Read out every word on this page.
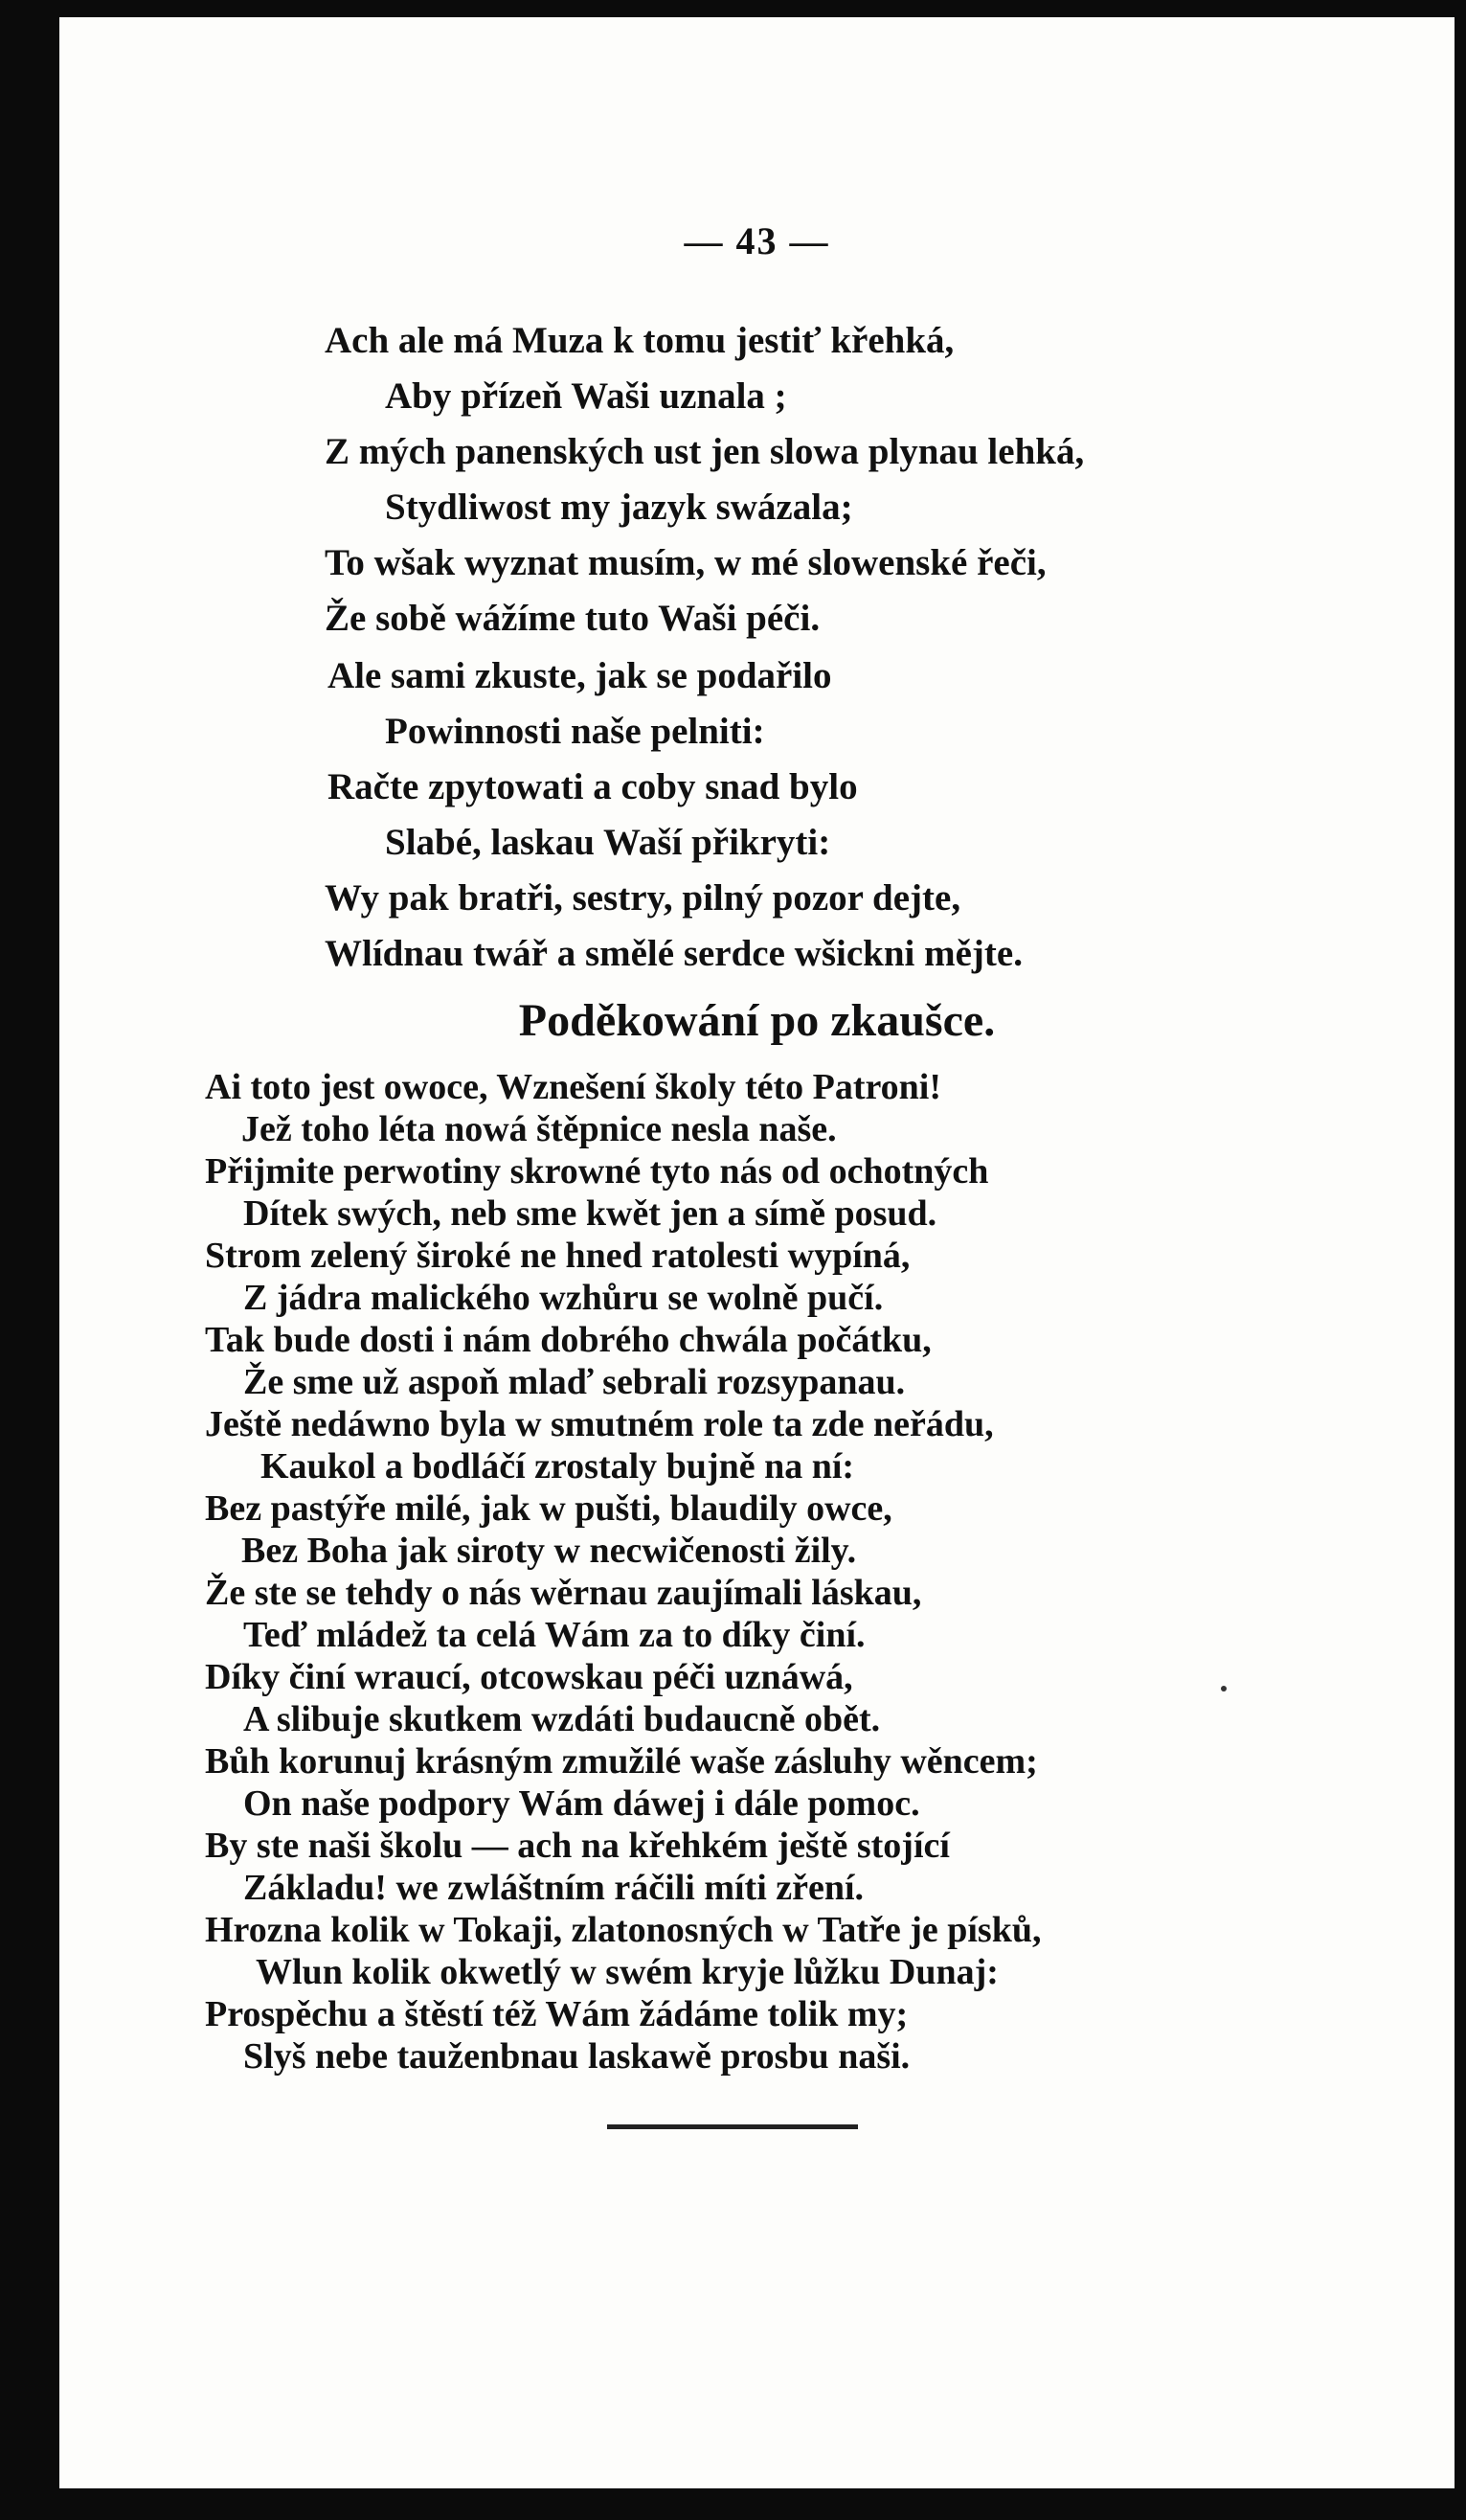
— 43 —
Ach ale má Muza k tomu jestiť křehká,
Aby přízeň Waši uznala ;
Z mých panenských ust jen slowa plynau lehká,
Stydliwost my jazyk swázala;
To wšak wyznat musím, w mé slowenské řeči,
Že sobě wážíme tuto Waši péči.
Ale sami zkuste, jak se podařilo
Powinnosti naše pelniti:
Račte zpytowati a coby snad bylo
Slabé, laskau Waší přikryti:
Wy pak bratři, sestry, pilný pozor dejte,
Wlídnau twář a smělé serdce wšickni mějte.
Poděkowání po zkaušce.
Ai toto jest owoce, Wznešení školy této Patroni!
Jež toho léta nowá štěpnice nesla naše.
Přijmite perwotiny skrowné tyto nás od ochotných
Dítek swých, neb sme kwět jen a símě posud.
Strom zelený široké ne hned ratolesti wypíná,
Z jádra malického wzhůru se wolně pučí.
Tak bude dosti i nám dobrého chwála počátku,
Že sme už aspoň mlaď sebrali rozsypanau.
Ještě nedáwno byla w smutném role ta zde neřádu,
Kaukol a bodláčí zrostaly bujně na ní:
Bez pastýře milé, jak w pušti, blaudily owce,
Bez Boha jak siroty w necwičenosti žily.
Že ste se tehdy o nás wěrnau zaujímali láskau,
Teď mládež ta celá Wám za to díky činí.
Díky činí wraucí, otcowskau péči uznáwá,
A slibuje skutkem wzdáti budaucně obět.
Bůh korunuj krásným zmužilé waše zásluhy wěncem;
On naše podpory Wám dáwej i dále pomoc.
By ste naši školu — ach na křehkém ještě stojící
Základu! we zwláštním ráčili míti zření.
Hrozna kolik w Tokaji, zlatonosných w Tatře je písků,
Wlun kolik okwetlý w swém kryje lůžku Dunaj:
Prospěchu a štěstí též Wám žádáme tolik my;
Slyš nebe tauženbnau laskawě prosbu naši.
